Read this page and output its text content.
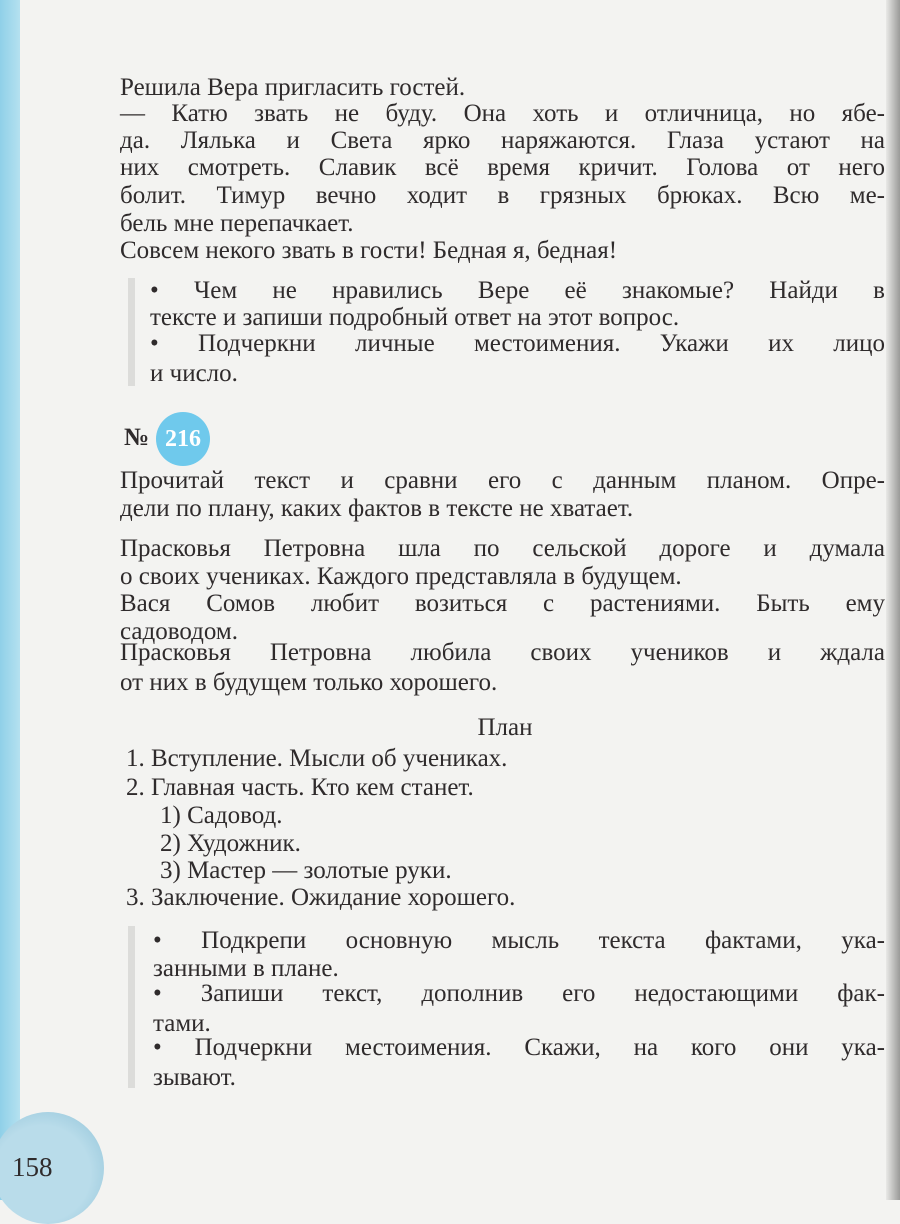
Решила Вера пригласить гостей.
— Катю звать не буду. Она хоть и отличница, но ябе-
да. Лялька и Света ярко наряжаются. Глаза устают на
них смотреть. Славик всё время кричит. Голова от него
болит. Тимур вечно ходит в грязных брюках. Всю ме-
бель мне перепачкает.
Совсем некого звать в гости! Бедная я, бедная!
• Чем не нравились Вере её знакомые? Найди в
тексте и запиши подробный ответ на этот вопрос.
• Подчеркни личные местоимения. Укажи их лицо
и число.
Прочитай текст и сравни его с данным планом. Опре-
дели по плану, каких фактов в тексте не хватает.
Прасковья Петровна шла по сельской дороге и думала
о своих учениках. Каждого представляла в будущем.
Вася Сомов любит возиться с растениями. Быть ему
садоводом.
Прасковья Петровна любила своих учеников и ждала
от них в будущем только хорошего.
1. Вступление. Мысли об учениках.
2. Главная часть. Кто кем станет.
1) Садовод.
2) Художник.
3) Мастер — золотые руки.
3. Заключение. Ожидание хорошего.
• Подкрепи основную мысль текста фактами, ука-
занными в плане.
• Запиши текст, дополнив его недостающими фак-
тами.
• Подчеркни местоимения. Скажи, на кого они ука-
зывают.
№ 216
План
158
